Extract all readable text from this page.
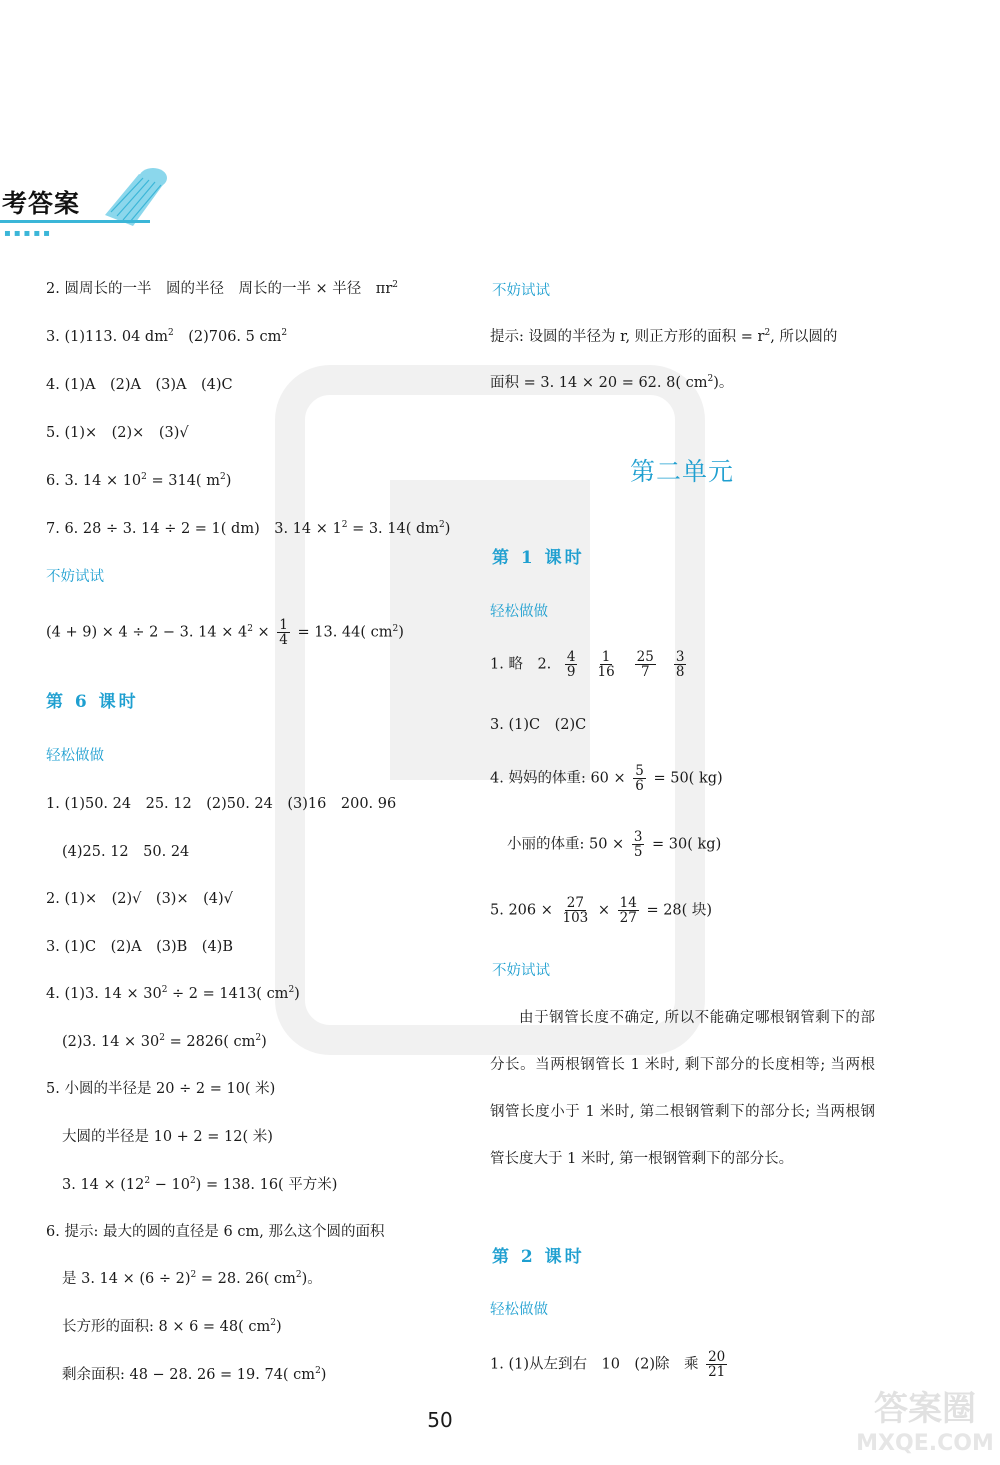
考答案
▪▪▪▪▪
2. 圆周长的一半　圆的半径　周长的一半 × 半径　$\pi r^2$
3. (1)113. 04 $dm^2$　(2)706. 5 $cm^2$
4. (1)A　(2)A　(3)A　(4)C
5. (1)×　(2)×　(3)√
6. 3. $14 \times 10^2 = 314$( $m^2$)
7. 6. 28 ÷ 3. 14 ÷ 2 = 1( dm)　3. $14 \times 1^2 = 3$. 14( $dm^2$)
不妨试试
(4 + 9) × 4 ÷ 2 − 3. $14 \times 4^2 \times \frac{1}{4} = 13$. 44( $cm^2$)
第 6 课时
轻松做做
1. (1)50. 24　25. 12　(2)50. 24　(3)16　200. 96
(4)25. 12　50. 24
2. (1)×　(2)√　(3)×　(4)√
3. (1)C　(2)A　(3)B　(4)B
4. (1)3. $14 \times 30^2 \div 2 = 1413$( $cm^2$)
(2)3. $14 \times 30^2 = 2826$( $cm^2$)
5. 小圆的半径是 20 ÷ 2 = 10( 米)
大圆的半径是 10 + 2 = 12( 米)
3. $14 \times (12^2 - 10^2) = 138$. 16( 平方米)
6. 提示: 最大的圆的直径是 6 cm, 那么这个圆的面积
是 3. $14 \times (6 \div 2)^2 = 28$. 26( $cm^2$)。
长方形的面积: 8 × 6 = 48( $cm^2$)
剩余面积: 48 − 28. 26 = 19. 74( $cm^2$)
不妨试试
提示: 设圆的半径为 r, 则正方形的面积 = $r^2$, 所以圆的
面积 = 3. 14 × 20 = 62. 8( $cm^2$)。
第二单元
第 1 课时
轻松做做
1. 略　2. $\frac{4}{9} \frac{1}{16} \frac{25}{7} \frac{3}{8}$
3. (1)C　(2)C
4. 妈妈的体重: $60 \times \frac{5}{6} = 50$( kg)
小丽的体重: $50 \times \frac{3}{5} = 30$( kg)
5. $206 \times \frac{27}{103} \times \frac{14}{27} = 28$( 块)
不妨试试

由于钢管长度不确定, 所以不能确定哪根钢管剩下的部分长。当两根钢管长 1 米时, 剩下部分的长度相等; 当两根钢管长度小于 1 米时, 第二根钢管剩下的部分长; 当两根钢管长度大于 1 米时, 第一根钢管剩下的部分长。

第 2 课时
轻松做做
1. (1)从左到右　10　(2)除　乘 $\frac{20}{21}$
50	答案圈
MXQE.COM
